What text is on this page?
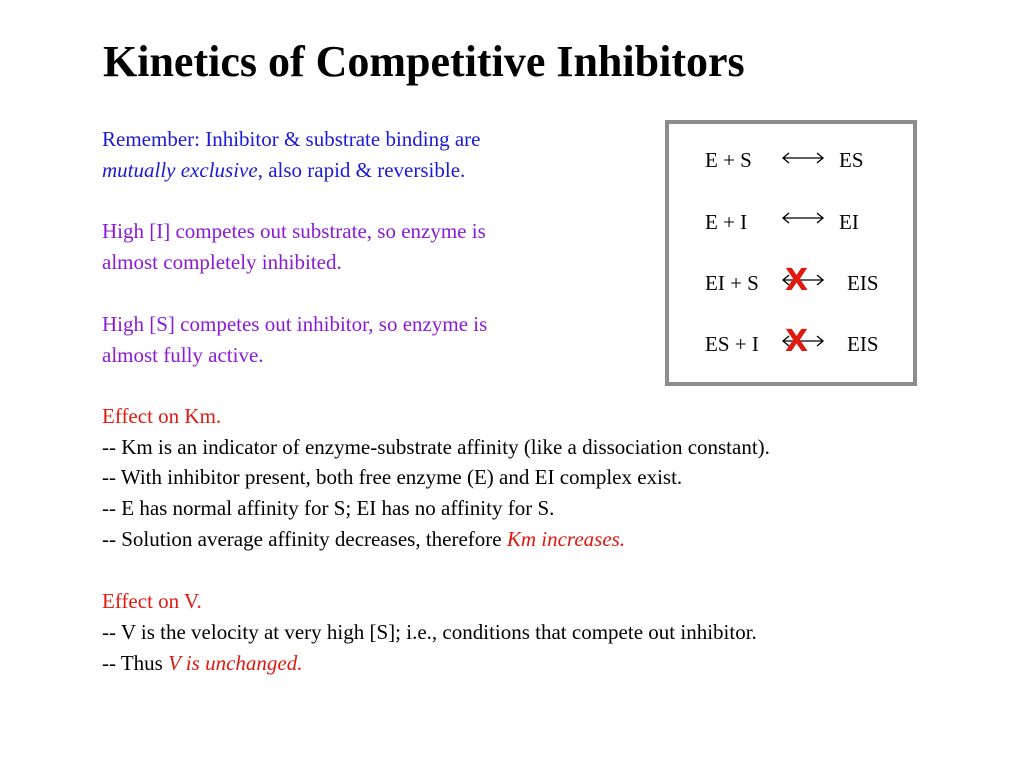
Kinetics of Competitive Inhibitors
Remember: Inhibitor & substrate binding are
mutually exclusive, also rapid & reversible.
High [I] competes out substrate, so enzyme is
almost completely inhibited.
High [S] competes out inhibitor, so enzyme is
almost fully active.
Effect on Km.
-- Km is an indicator of enzyme-substrate affinity (like a dissociation constant).
-- With inhibitor present, both free enzyme (E) and EI complex exist.
-- E has normal affinity for S; EI has no affinity for S.
-- Solution average affinity decreases, therefore Km increases.
Effect on V.
-- V is the velocity at very high [S]; i.e., conditions that compete out inhibitor.
-- Thus V is unchanged.
E + S	ES
E + I	EI
EI + S X EIS
ES + I X EIS
